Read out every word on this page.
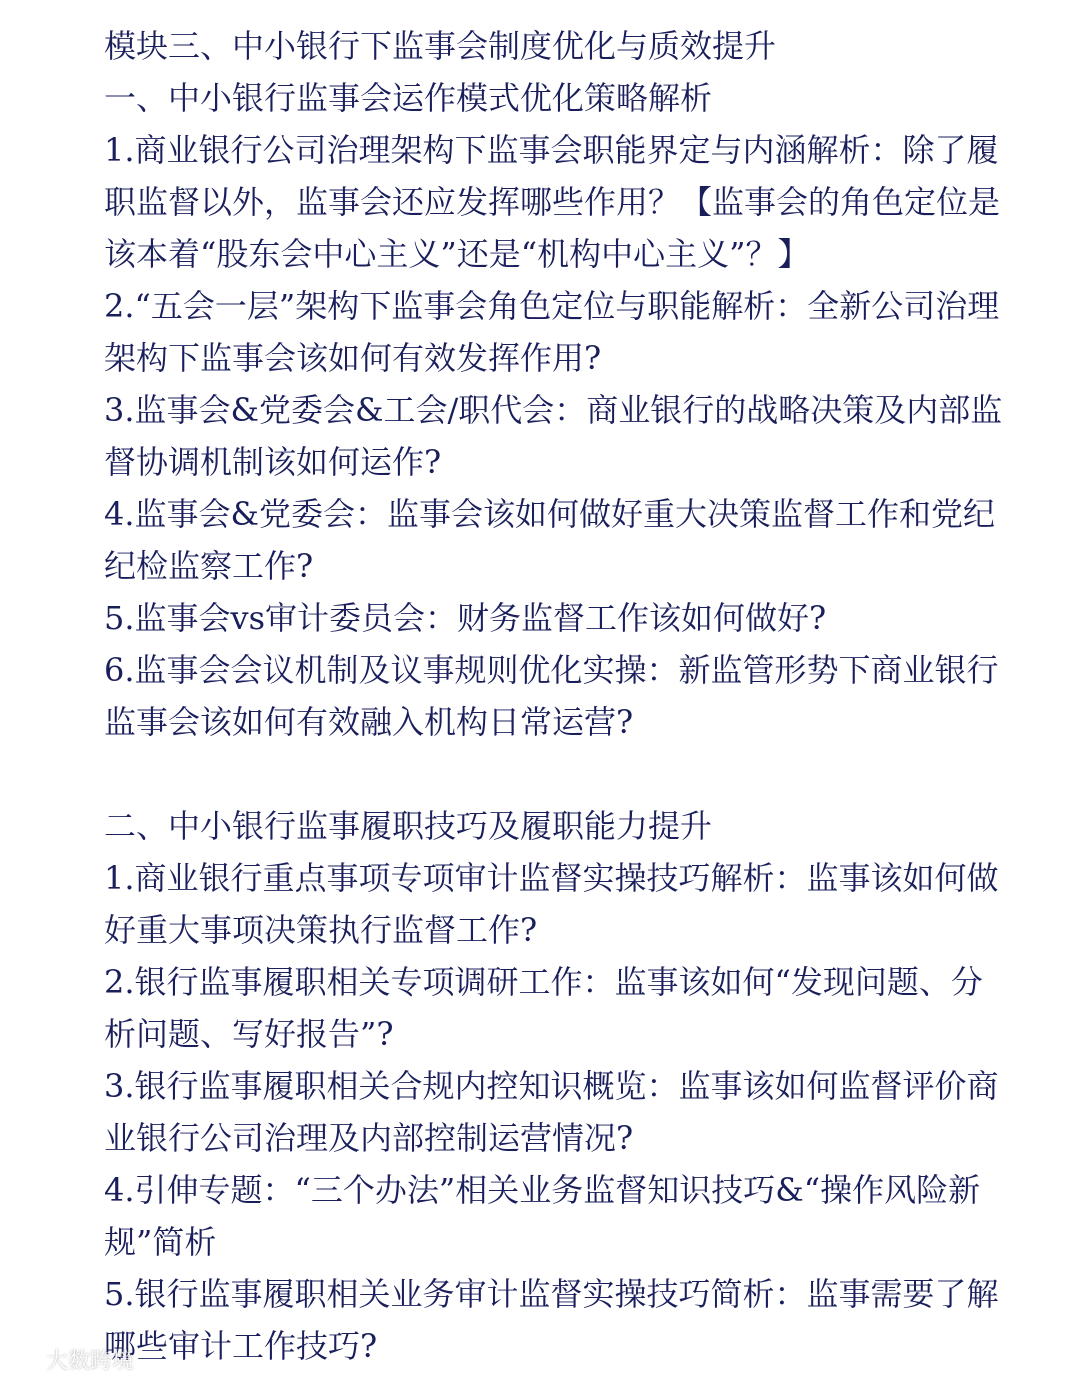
模块三、中小银行下监事会制度优化与质效提升

一、中小银行监事会运作模式优化策略解析

1.商业银行公司治理架构下监事会职能界定与内涵解析：除了履职监督以外，监事会还应发挥哪些作用？【监事会的角色定位是该本着“股东会中心主义”还是“机构中心主义”？】

2.“五会一层”架构下监事会角色定位与职能解析：全新公司治理架构下监事会该如何有效发挥作用?

3.监事会&党委会&工会/职代会：商业银行的战略决策及内部监督协调机制该如何运作?

4.监事会&党委会：监事会该如何做好重大决策监督工作和党纪纪检监察工作?

5.监事会vs审计委员会：财务监督工作该如何做好?

6.监事会会议机制及议事规则优化实操：新监管形势下商业银行监事会该如何有效融入机构日常运营?

二、中小银行监事履职技巧及履职能力提升

1.商业银行重点事项专项审计监督实操技巧解析：监事该如何做好重大事项决策执行监督工作?

2.银行监事履职相关专项调研工作：监事该如何“发现问题、分析问题、写好报告”?

3.银行监事履职相关合规内控知识概览：监事该如何监督评价商业银行公司治理及内部控制运营情况?

4.引伸专题：“三个办法”相关业务监督知识技巧&“操作风险新规”简析

5.银行监事履职相关业务审计监督实操技巧简析：监事需要了解哪些审计工作技巧?

大数跨境
